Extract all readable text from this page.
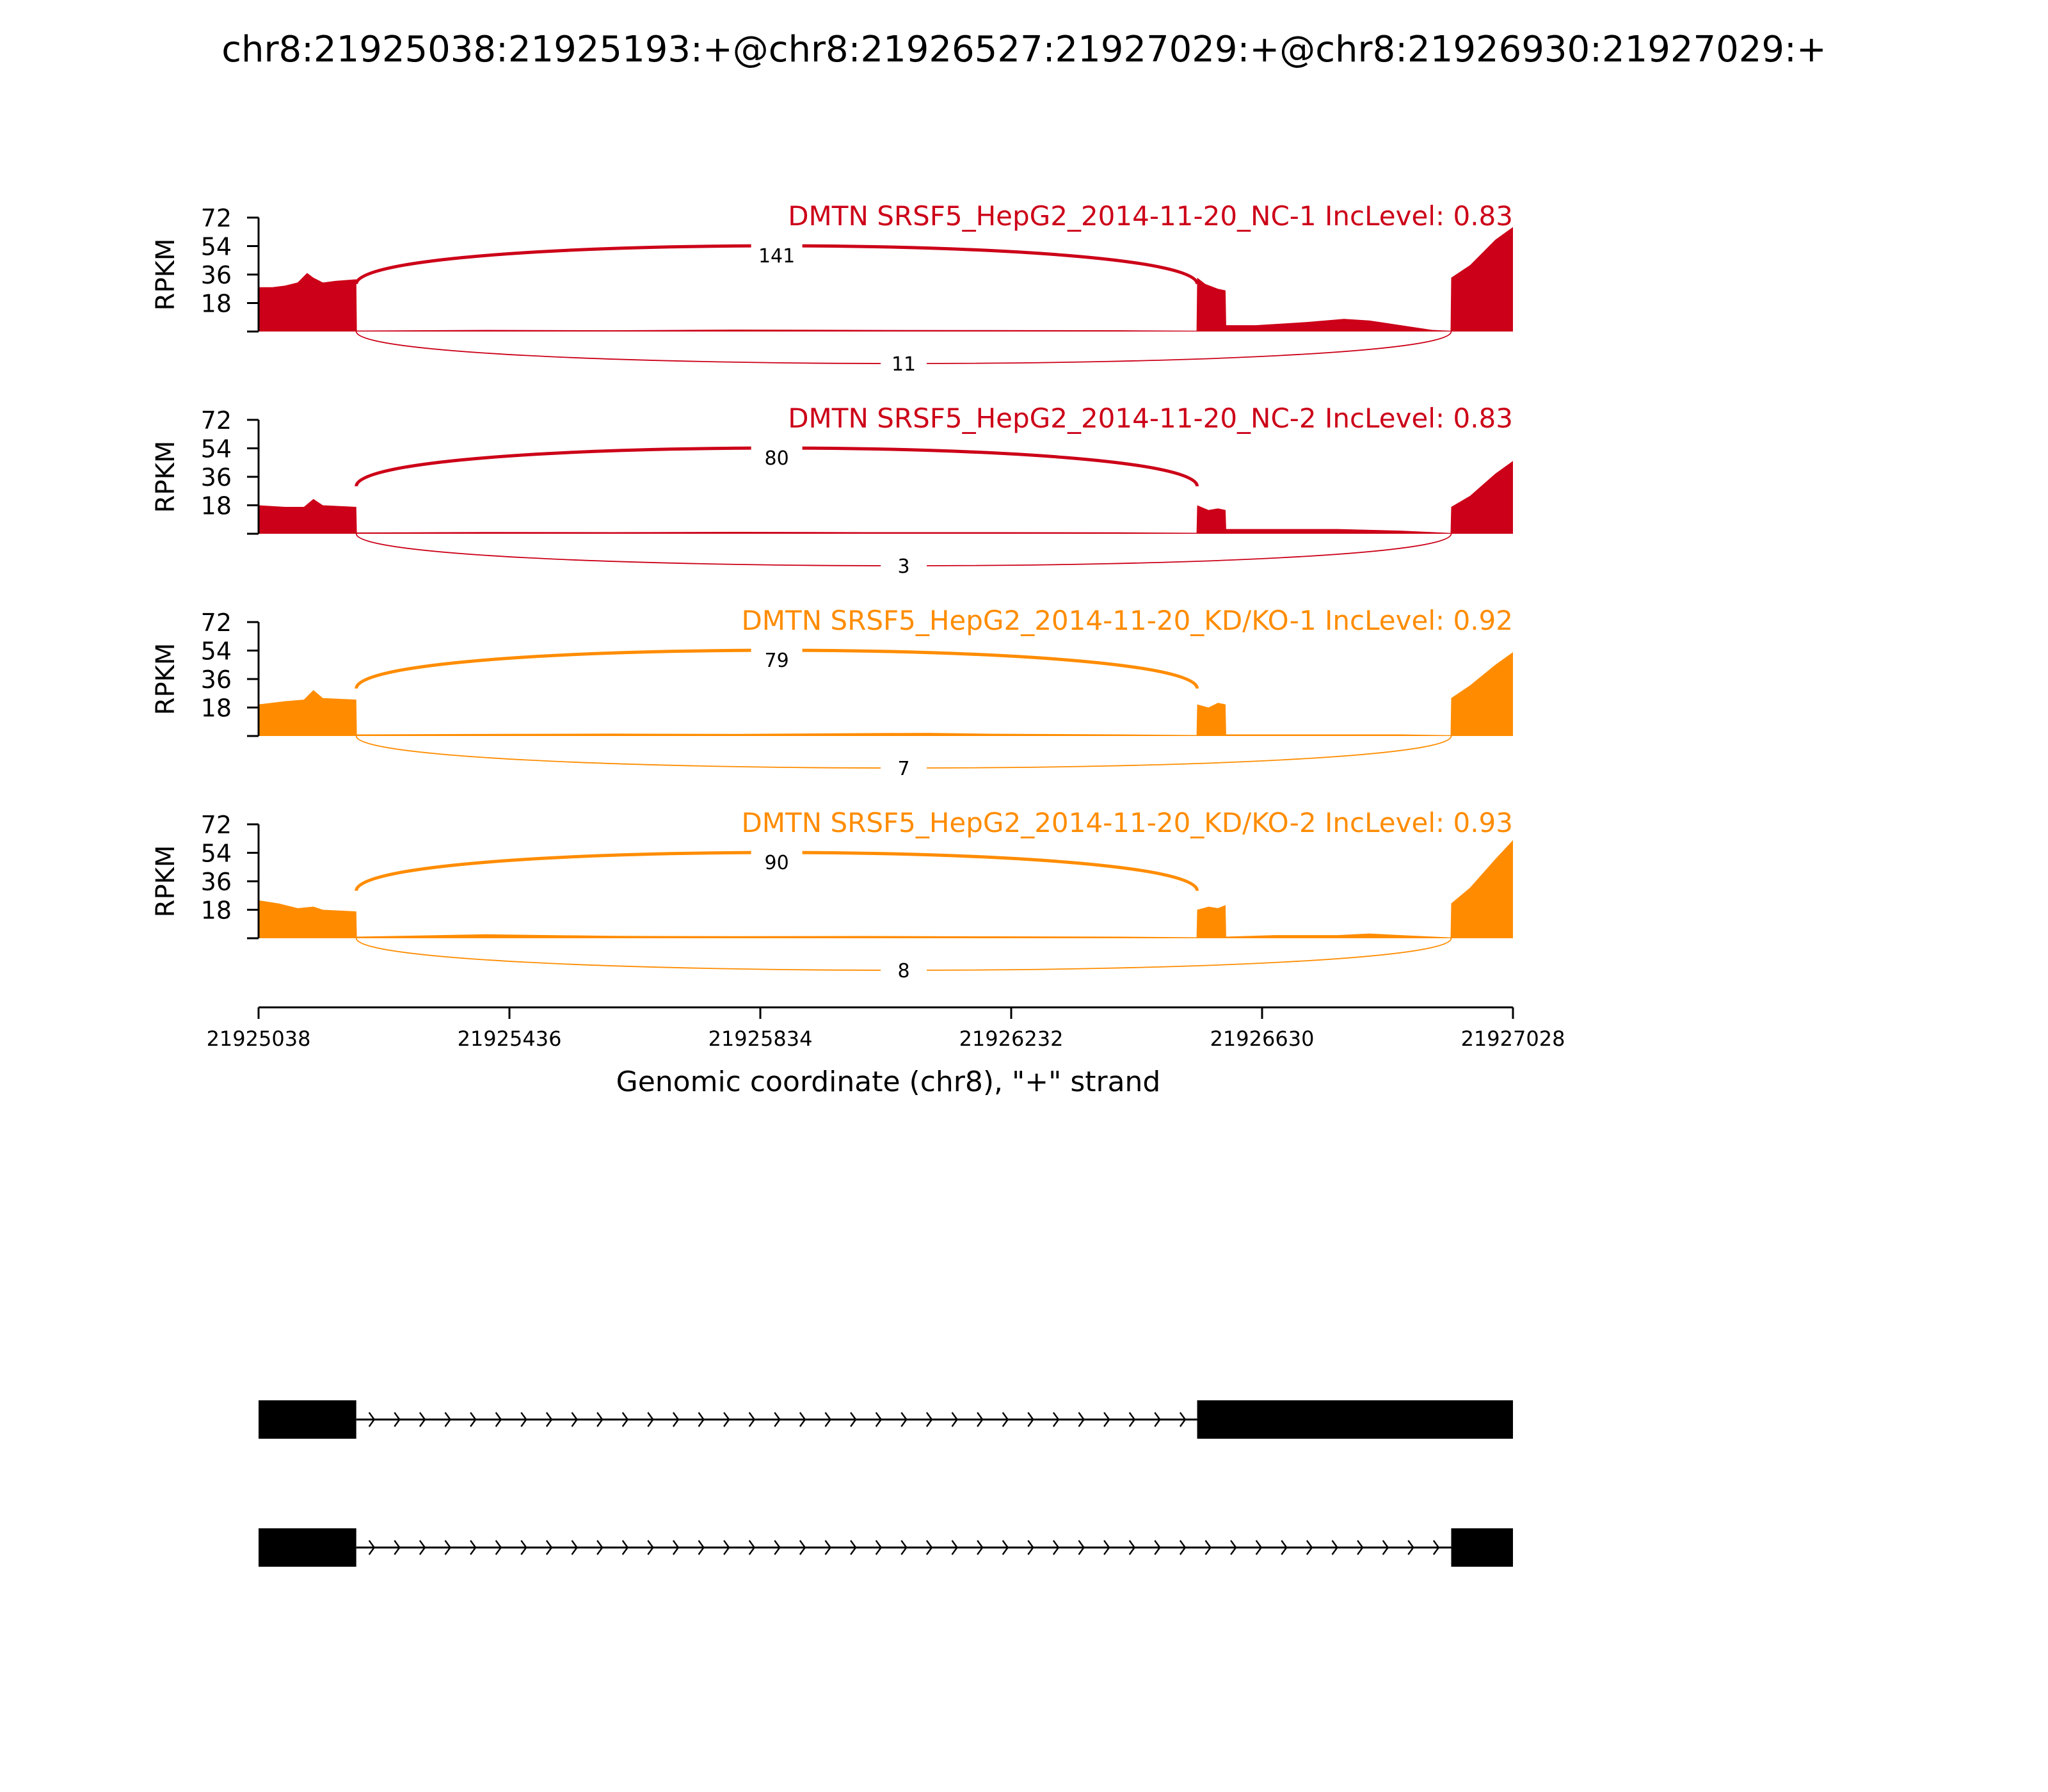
chr8:21925038:21925193:+@chr8:21926527:21927029:+@chr8:21926930:21927029:+
18
36
54
72
RPKM
DMTN SRSF5_HepG2_2014-11-20_NC-1 IncLevel: 0.83
141
11
18
36
54
72
RPKM
DMTN SRSF5_HepG2_2014-11-20_NC-2 IncLevel: 0.83
80
3
18
36
54
72
RPKM
DMTN SRSF5_HepG2_2014-11-20_KD/KO-1 IncLevel: 0.92
79
7
18
36
54
72
RPKM
DMTN SRSF5_HepG2_2014-11-20_KD/KO-2 IncLevel: 0.93
90
8
21925038	21925436	21925834	21926232	21926630	21927028
Genomic coordinate (chr8), "+" strand
